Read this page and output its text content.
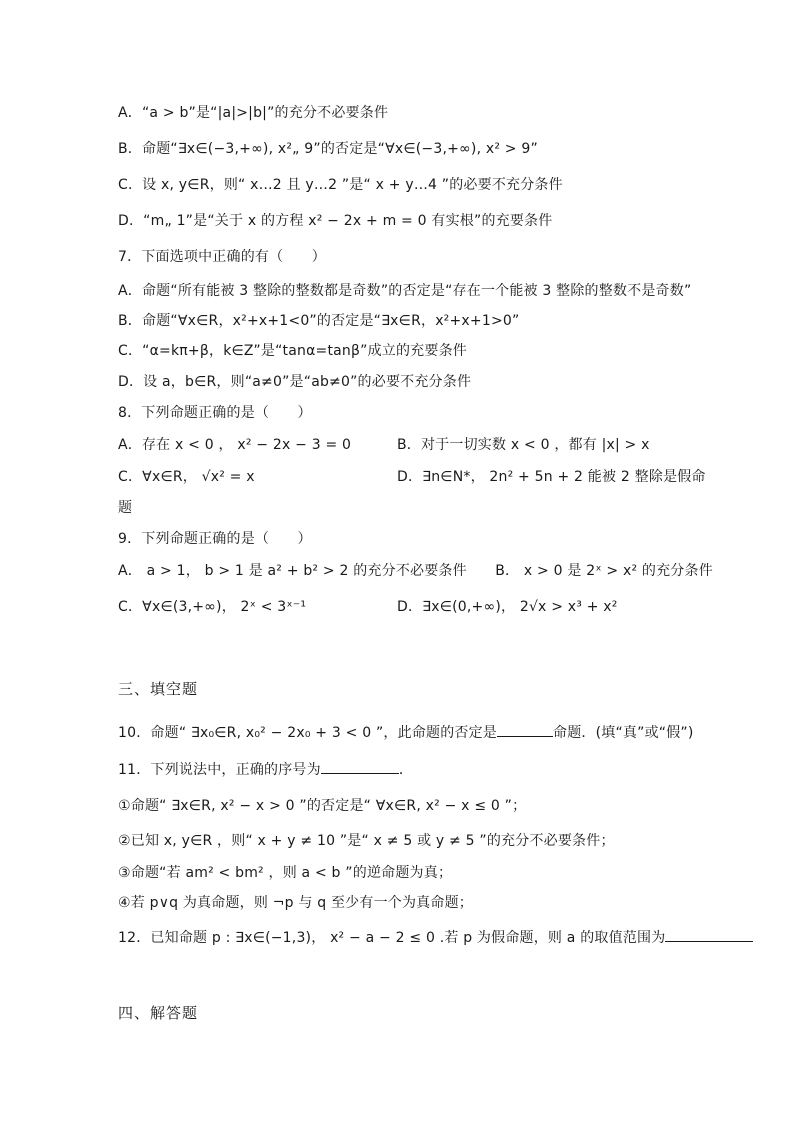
A．“a > b”是“|a|>|b|”的充分不必要条件
B．命题“∃x∈(−3,+∞), x²„ 9”的否定是“∀x∈(−3,+∞), x² > 9”
C．设 x, y∈R，则“ x…2 且 y…2 ”是“ x + y…4 ”的必要不充分条件
D．“m„ 1”是“关于 x 的方程 x² − 2x + m = 0 有实根”的充要条件
7．下面选项中正确的有（　　）
A．命题“所有能被 3 整除的整数都是奇数”的否定是“存在一个能被 3 整除的整数不是奇数”
B．命题“∀x∈R，x²+x+1<0”的否定是“∃x∈R，x²+x+1>0”
C．“α=kπ+β，k∈Z”是“tanα=tanβ”成立的充要条件
D．设 a，b∈R，则“a≠0”是“ab≠0”的必要不充分条件
8．下列命题正确的是（　　）
A．存在 x < 0 ， x² − 2x − 3 = 0	B．对于一切实数 x < 0 ，都有 |x| > x
C．∀x∈R， √x² = x	D．∃n∈N*， 2n² + 5n + 2 能被 2 整除是假命
题
9．下列命题正确的是（　　）
A． a > 1， b > 1 是 a² + b² > 2 的充分不必要条件　　B． x > 0 是 2ˣ > x² 的充分条件
C．∀x∈(3,+∞)， 2ˣ < 3ˣ⁻¹	D．∃x∈(0,+∞)， 2√x > x³ + x²
三、填空题
10．命题“ ∃x₀∈R, x₀² − 2x₀ + 3 < 0 ”，此命题的否定是	命题．(填“真”或“假”)
11．下列说法中，正确的序号为	．
①命题“ ∃x∈R, x² − x > 0 ”的否定是“ ∀x∈R, x² − x ≤ 0 ”；
②已知 x, y∈R ，则“ x + y ≠ 10 ”是“ x ≠ 5 或 y ≠ 5 ”的充分不必要条件；
③命题“若 am² < bm² ，则 a < b ”的逆命题为真；
④若 p∨q 为真命题，则 ¬p 与 q 至少有一个为真命题；
12．已知命题 p : ∃x∈(−1,3)， x² − a − 2 ≤ 0 .若 p 为假命题，则 a 的取值范围为
四、解答题
